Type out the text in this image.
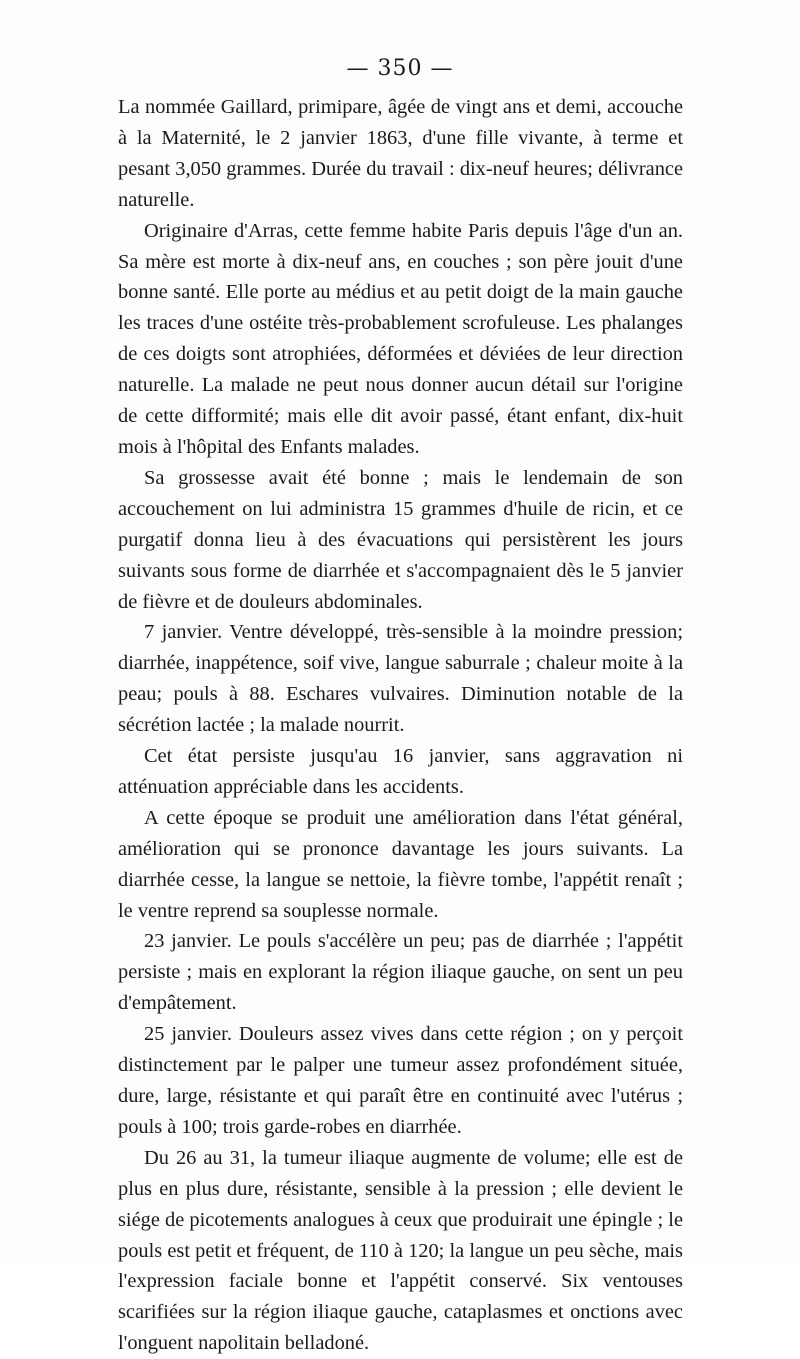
— 350 —

La nommée Gaillard, primipare, âgée de vingt ans et demi, accouche à la Maternité, le 2 janvier 1863, d'une fille vivante, à terme et pesant 3,050 grammes. Durée du travail : dix-neuf heures; délivrance naturelle.

Originaire d'Arras, cette femme habite Paris depuis l'âge d'un an. Sa mère est morte à dix-neuf ans, en couches ; son père jouit d'une bonne santé. Elle porte au médius et au petit doigt de la main gauche les traces d'une ostéite très-probablement scrofuleuse. Les phalanges de ces doigts sont atrophiées, déformées et déviées de leur direction naturelle. La malade ne peut nous donner aucun détail sur l'origine de cette difformité; mais elle dit avoir passé, étant enfant, dix-huit mois à l'hôpital des Enfants malades.

Sa grossesse avait été bonne ; mais le lendemain de son accouchement on lui administra 15 grammes d'huile de ricin, et ce purgatif donna lieu à des évacuations qui persistèrent les jours suivants sous forme de diarrhée et s'accompagnaient dès le 5 janvier de fièvre et de douleurs abdominales.

7 janvier. Ventre développé, très-sensible à la moindre pression; diarrhée, inappétence, soif vive, langue saburrale ; chaleur moite à la peau; pouls à 88. Eschares vulvaires. Diminution notable de la sécrétion lactée ; la malade nourrit.

Cet état persiste jusqu'au 16 janvier, sans aggravation ni atténuation appréciable dans les accidents.

A cette époque se produit une amélioration dans l'état général, amélioration qui se prononce davantage les jours suivants. La diarrhée cesse, la langue se nettoie, la fièvre tombe, l'appétit renaît ; le ventre reprend sa souplesse normale.

23 janvier. Le pouls s'accélère un peu; pas de diarrhée ; l'appétit persiste ; mais en explorant la région iliaque gauche, on sent un peu d'empâtement.

25 janvier. Douleurs assez vives dans cette région ; on y perçoit distinctement par le palper une tumeur assez profondément située, dure, large, résistante et qui paraît être en continuité avec l'utérus ; pouls à 100; trois garde-robes en diarrhée.

Du 26 au 31, la tumeur iliaque augmente de volume; elle est de plus en plus dure, résistante, sensible à la pression ; elle devient le siége de picotements analogues à ceux que produirait une épingle ; le pouls est petit et fréquent, de 110 à 120; la langue un peu sèche, mais l'expression faciale bonne et l'appétit conservé. Six ventouses scarifiées sur la région iliaque gauche, cataplasmes et onctions avec l'onguent napolitain belladoné.
